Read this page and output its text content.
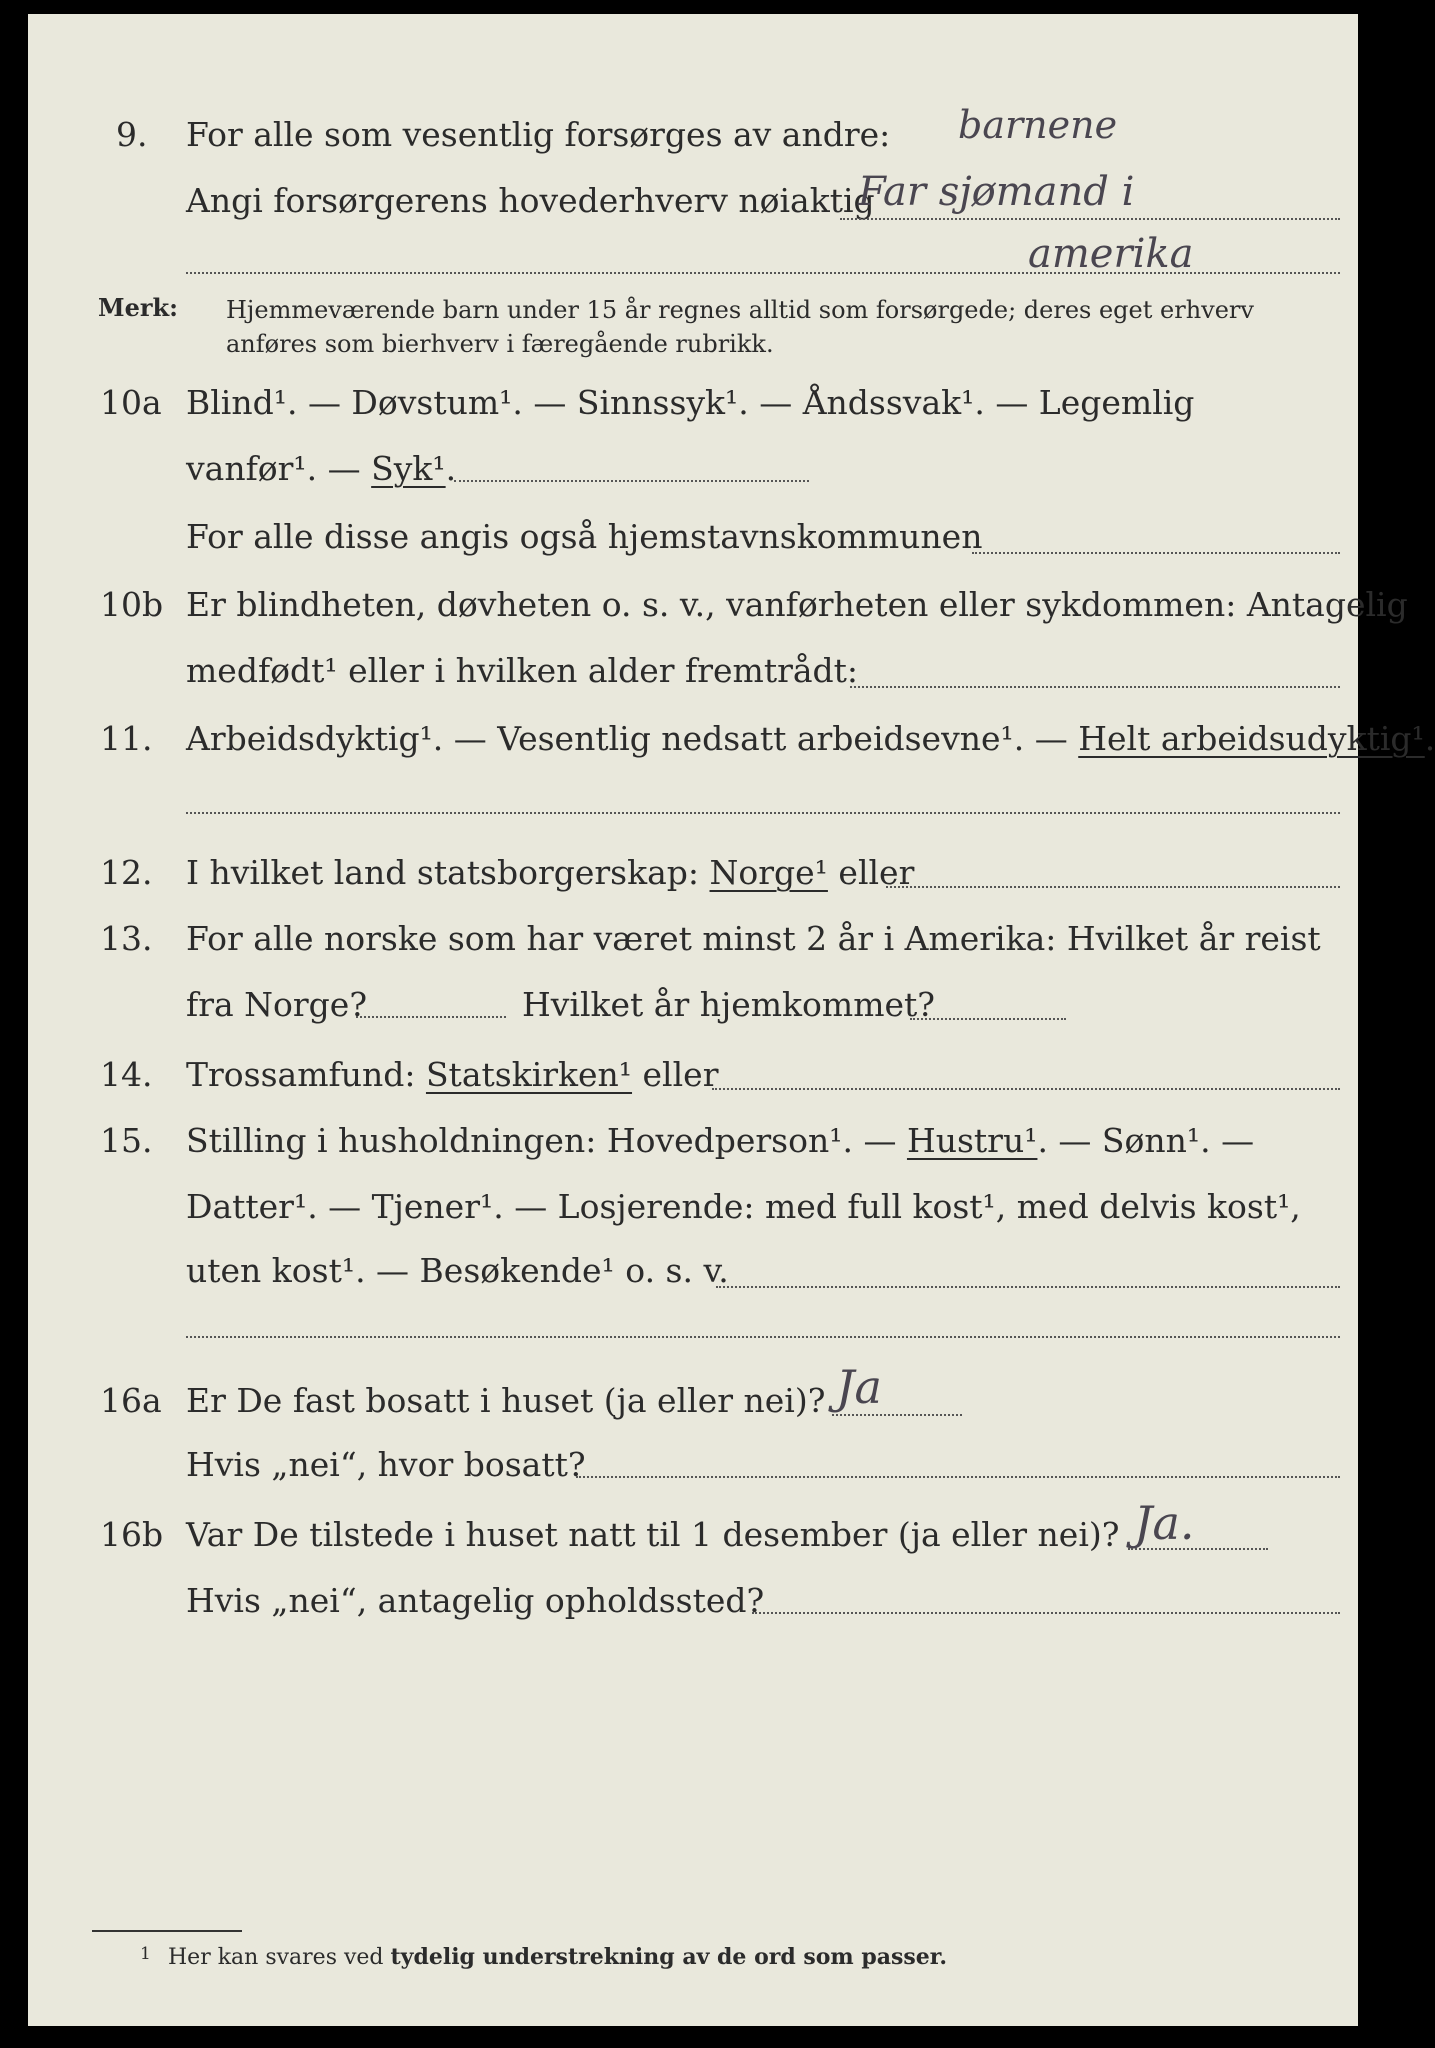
9. For alle som vesentlig forsørges av andre: barnene
Angi forsørgerens hovederhverv nøiaktig
Far sjømand i
amerika
Merk: Hjemmeværende barn under 15 år regnes alltid som forsørgede; deres eget erhverv
anføres som bierhverv i færegående rubrikk.
10a Blind¹. — Døvstum¹. — Sinnssyk¹. — Åndssvak¹. — Legemlig
vanfør¹. — Syk¹.
For alle disse angis også hjemstavnskommunen
10b Er blindheten, døvheten o. s. v., vanførheten eller sykdommen: Antagelig
medfødt¹ eller i hvilken alder fremtrådt:
11. Arbeidsdyktig¹. — Vesentlig nedsatt arbeidsevne¹. — Helt arbeidsudyktig¹.
12. I hvilket land statsborgerskap: Norge¹ eller
13. For alle norske som har været minst 2 år i Amerika: Hvilket år reist
fra Norge?	Hvilket år hjemkommet?
14. Trossamfund: Statskirken¹ eller
15. Stilling i husholdningen: Hovedperson¹. — Hustru¹. — Sønn¹. —
Datter¹. — Tjener¹. — Losjerende: med full kost¹, med delvis kost¹,
uten kost¹. — Besøkende¹ o. s. v.
16a Er De fast bosatt i huset (ja eller nei)? Ja
Hvis „nei“, hvor bosatt?
16b Var De tilstede i huset natt til 1 desember (ja eller nei)? Ja.
Hvis „nei“, antagelig opholdssted?
1 Her kan svares ved tydelig understrekning av de ord som passer.
